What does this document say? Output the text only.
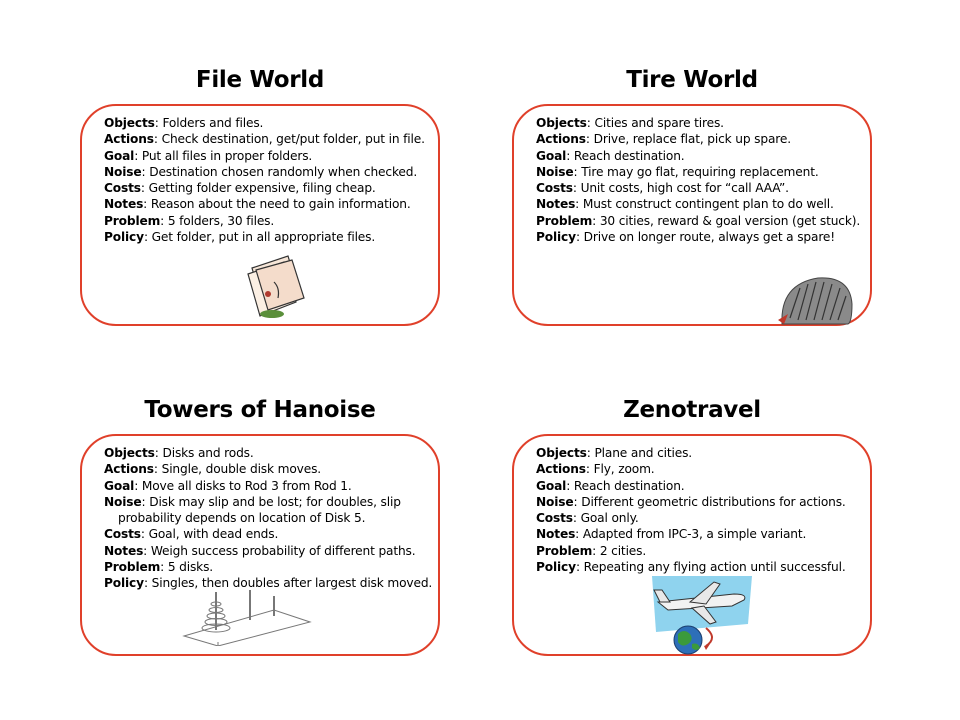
File World
Objects: Folders and files.
Actions: Check destination, get/put folder, put in file.
Goal: Put all files in proper folders.
Noise: Destination chosen randomly when checked.
Costs: Getting folder expensive, filing cheap.
Notes: Reason about the need to gain information.
Problem: 5 folders, 30 files.
Policy: Get folder, put in all appropriate files.
Tire World
Objects: Cities and spare tires.
Actions: Drive, replace flat, pick up spare.
Goal: Reach destination.
Noise: Tire may go flat, requiring replacement.
Costs: Unit costs, high cost for “call AAA”.
Notes: Must construct contingent plan to do well.
Problem: 30 cities, reward & goal version (get stuck).
Policy: Drive on longer route, always get a spare!
Towers of Hanoise
Objects: Disks and rods.
Actions: Single, double disk moves.
Goal: Move all disks to Rod 3 from Rod 1.
Noise: Disk may slip and be lost; for doubles, slip
probability depends on location of Disk 5.
Costs: Goal, with dead ends.
Notes: Weigh success probability of different paths.
Problem: 5 disks.
Policy: Singles, then doubles after largest disk moved.
Zenotravel
Objects: Plane and cities.
Actions: Fly, zoom.
Goal: Reach destination.
Noise: Different geometric distributions for actions.
Costs: Goal only.
Notes: Adapted from IPC-3, a simple variant.
Problem: 2 cities.
Policy: Repeating any flying action until successful.
